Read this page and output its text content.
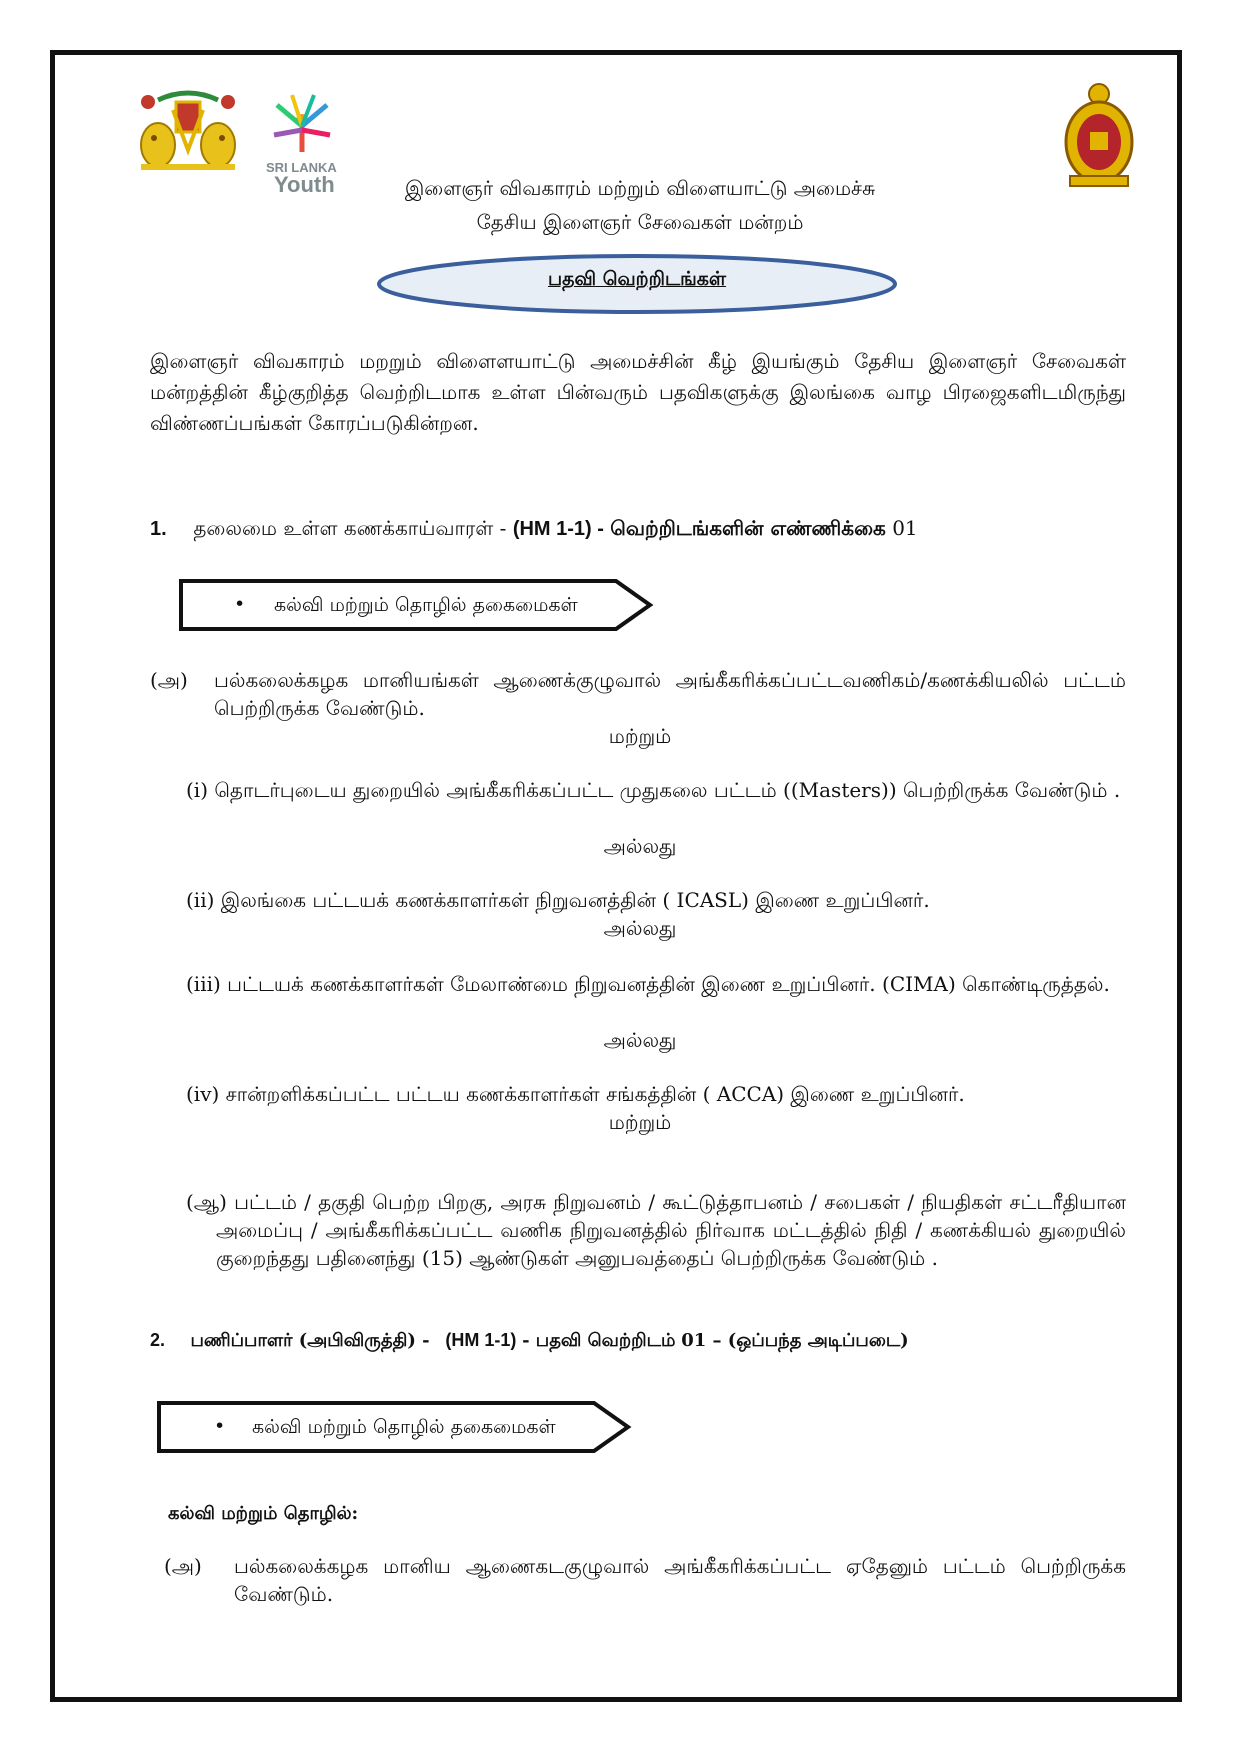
SRI LANKA
Youth	இளைஞர் விவகாரம் மற்றும் விளையாட்டு அமைச்சு
தேசிய இளைஞர் சேவைகள் மன்றம்
பதவி வெற்றிடங்கள்
இளைஞர் விவகாரம் மறறும் விளைளயாட்டு அமைச்சின் கீழ் இயங்கும் தேசிய இளைஞர் சேவைகள் மன்றத்தின் கீழ்குறித்த வெற்றிடமாக உள்ள பின்வரும் பதவிகளுக்கு இலங்கை வாழ பிரஜைகளிடமிருந்து விண்ணப்பங்கள் கோரப்படுகின்றன.
1. தலைமை உள்ள கணக்காய்வாரள் - (HM 1-1) - வெற்றிடங்களின் எண்ணிக்கை 01
• கல்வி மற்றும் தொழில் தகைமைகள்
(அ) பல்கலைக்கழக மானியங்கள் ஆணைக்குழுவால் அங்கீகரிக்கப்பட்டவணிகம்/கணக்கியலில் பட்டம் பெற்றிருக்க வேண்டும்.
மற்றும்
(i) தொடர்புடைய துறையில் அங்கீகரிக்கப்பட்ட முதுகலை பட்டம் ((Masters)) பெற்றிருக்க வேண்டும் .
அல்லது
(ii) இலங்கை பட்டயக் கணக்காளர்கள் நிறுவனத்தின் ( ICASL) இணை உறுப்பினர்.
அல்லது
(iii) பட்டயக் கணக்காளர்கள் மேலாண்மை நிறுவனத்தின் இணை உறுப்பினர். (CIMA) கொண்டிருத்தல்.
அல்லது
(iv) சான்றளிக்கப்பட்ட பட்டய கணக்காளர்கள் சங்கத்தின் ( ACCA) இணை உறுப்பினர்.
மற்றும்
(ஆ) பட்டம் / தகுதி பெற்ற பிறகு, அரசு நிறுவனம் / கூட்டுத்தாபனம் / சபைகள் / நியதிகள் சட்டரீதியான அமைப்பு / அங்கீகரிக்கப்பட்ட வணிக நிறுவனத்தில் நிர்வாக மட்டத்தில் நிதி / கணக்கியல் துறையில் குறைந்தது பதினைந்து (15) ஆண்டுகள் அனுபவத்தைப் பெற்றிருக்க வேண்டும் .
2. பணிப்பாளர் (அபிவிருத்தி) - (HM 1-1) - பதவி வெற்றிடம் 01 – (ஒப்பந்த அடிப்படை)
• கல்வி மற்றும் தொழில் தகைமைகள்
கல்வி மற்றும் தொழில்:
(அ)	பல்கலைக்கழக மானிய ஆணைகடகுழுவால் அங்கீகரிக்கப்பட்ட ஏதேனும் பட்டம் பெற்றிருக்க வேண்டும்.
